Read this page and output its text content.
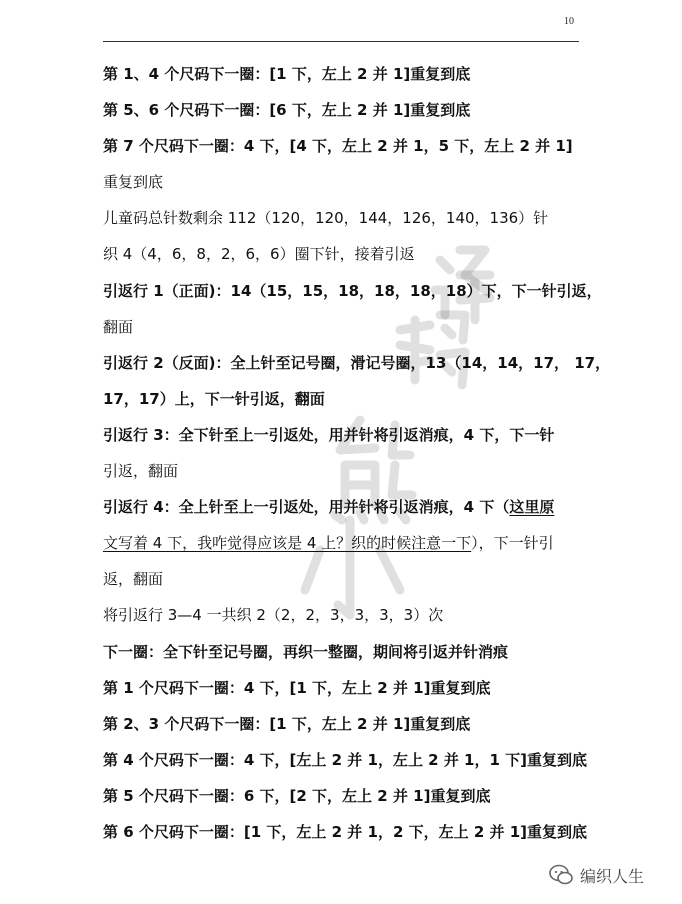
10
第 1、4 个尺码下一圈：[1 下，左上 2 并 1]重复到底
第 5、6 个尺码下一圈：[6 下，左上 2 并 1]重复到底
第 7 个尺码下一圈：4 下，[4 下，左上 2 并 1，5 下，左上 2 并 1]
重复到底
儿童码总针数剩余 112（120，120，144，126，140，136）针
织 4（4，6，8，2，6，6）圈下针，接着引返
引返行 1（正面)：14（15，15，18，18，18，18）下，下一针引返，
翻面
引返行 2（反面)：全上针至记号圈，滑记号圈，13（14，14，17， 17，
17，17）上，下一针引返，翻面
引返行 3：全下针至上一引返处，用并针将引返消痕，4 下，下一针
引返，翻面
引返行 4：全上针至上一引返处，用并针将引返消痕，4 下（这里原
文写着 4 下，我咋觉得应该是 4 上？织的时候注意一下），下一针引
返，翻面
将引返行 3—4 一共织 2（2，2，3，3，3，3）次
下一圈：全下针至记号圈，再织一整圈，期间将引返并针消痕
第 1 个尺码下一圈：4 下，[1 下，左上 2 并 1]重复到底
第 2、3 个尺码下一圈：[1 下，左上 2 并 1]重复到底
第 4 个尺码下一圈：4 下，[左上 2 并 1，左上 2 并 1，1 下]重复到底
第 5 个尺码下一圈：6 下，[2 下，左上 2 并 1]重复到底
第 6 个尺码下一圈：[1 下，左上 2 并 1，2 下，左上 2 并 1]重复到底
编织人生
